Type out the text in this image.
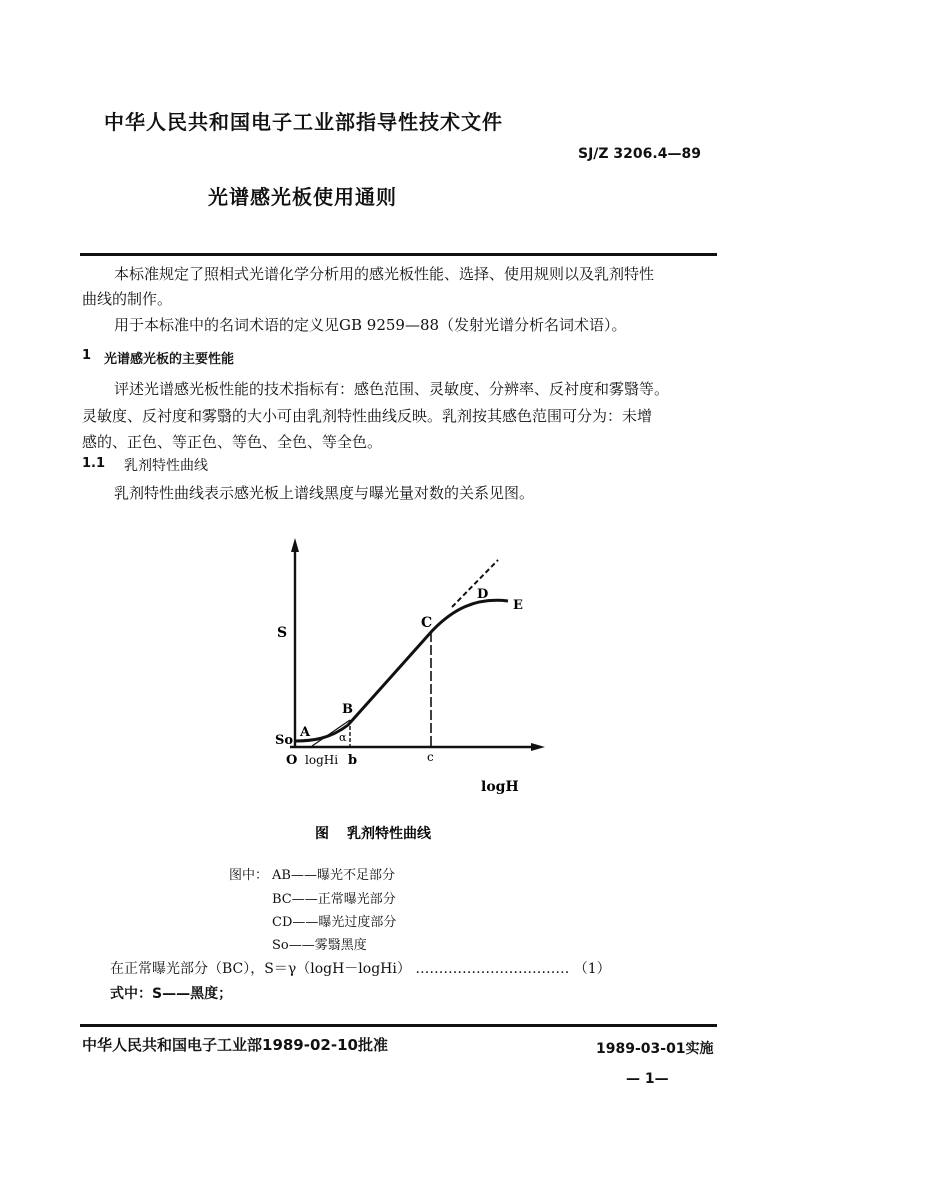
中华人民共和国电子工业部指导性技术文件
SJ/Z 3206.4—89
光谱感光板使用通则
本标准规定了照相式光谱化学分析用的感光板性能、选择、使用规则以及乳剂特性
曲线的制作。
用于本标准中的名词术语的定义见GB 9259—88（发射光谱分析名词术语）。
1 光谱感光板的主要性能
评述光谱感光板性能的技术指标有：感色范围、灵敏度、分辨率、反衬度和雾翳等。
灵敏度、反衬度和雾翳的大小可由乳剂特性曲线反映。乳剂按其感色范围可分为：未增
感的、正色、等正色、等色、全色、等全色。
1.1 乳剂特性曲线
乳剂特性曲线表示感光板上谱线黑度与曝光量对数的关系见图。
S
So
O logHi b	c
logH
A
B
C
D
E
α
图 乳剂特性曲线
图中： AB——曝光不足部分
BC——正常曝光部分
CD——曝光过度部分
So——雾翳黑度
在正常曝光部分（BC），S＝γ（logH－logHi） …………………………… （1）
式中：S——黑度；
中华人民共和国电子工业部1989-02-10批准	1989-03-01实施
— 1—
